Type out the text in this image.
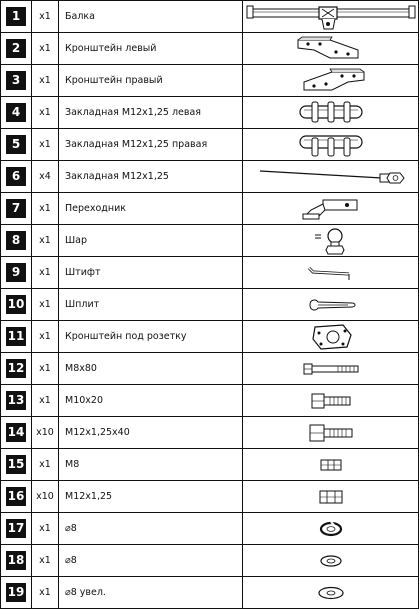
1	x1	Балка	

2	x1	Кронштейн левый	

3	x1	Кронштейн правый	

4	x1	Закладная М12х1,25 левая	

5	x1	Закладная М12х1,25 правая	

6	x4	Закладная М12х1,25	

7	x1	Переходник	

8	x1	Шар	

9	x1	Штифт	

10	x1	Шплит	

11	x1	Кронштейн под розетку	

12	x1	М8х80	

13	x1	М10х20	

14	x10	М12х1,25х40	

15	x1	М8	

16	x10	М12х1,25	

17	x1	⌀8	

18	x1	⌀8	

19	x1	⌀8 увел.	
